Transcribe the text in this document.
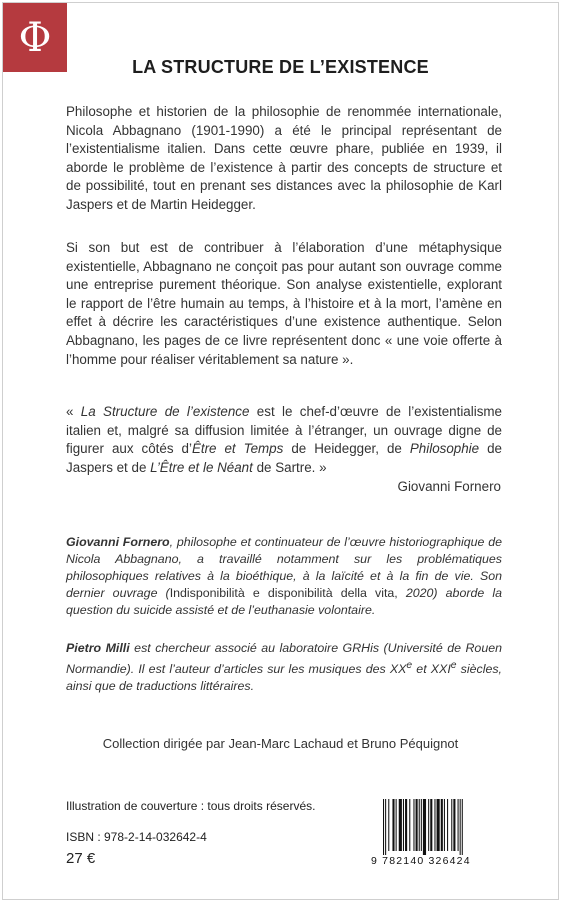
Φ
LA STRUCTURE DE L’EXISTENCE
Philosophe et historien de la philosophie de renommée internationale, Nicola Abbagnano (1901-1990) a été le principal représentant de l’existentialisme italien. Dans cette œuvre phare, publiée en 1939, il aborde le problème de l’existence à partir des concepts de structure et de possibilité, tout en prenant ses distances avec la philosophie de Karl Jaspers et de Martin Heidegger.
Si son but est de contribuer à l’élaboration d’une métaphysique existentielle, Abbagnano ne conçoit pas pour autant son ouvrage comme une entreprise purement théorique. Son analyse existentielle, explorant le rapport de l’être humain au temps, à l’histoire et à la mort, l’amène en effet à décrire les caractéristiques d’une existence authentique. Selon Abbagnano, les pages de ce livre représentent donc « une voie offerte à l’homme pour réaliser véritablement sa nature ».
« La Structure de l’existence est le chef-d’œuvre de l’existentialisme italien et, malgré sa diffusion limitée à l’étranger, un ouvrage digne de figurer aux côtés d’Être et Temps de Heidegger, de Philosophie de Jaspers et de L’Être et le Néant de Sartre. »
Giovanni Fornero
Giovanni Fornero, philosophe et continuateur de l’œuvre historiographique de Nicola Abbagnano, a travaillé notamment sur les problématiques philosophiques relatives à la bioéthique, à la laïcité et à la fin de vie. Son dernier ouvrage (Indisponibilità e disponibilità della vita, 2020) aborde la question du suicide assisté et de l’euthanasie volontaire.
Pietro Milli est chercheur associé au laboratoire GRHis (Université de Rouen Normandie). Il est l’auteur d’articles sur les musiques des XXe et XXIe siècles, ainsi que de traductions littéraires.
Collection dirigée par Jean-Marc Lachaud et Bruno Péquignot
Illustration de couverture : tous droits réservés.
ISBN : 978-2-14-032642-4
27 €	9 782140 326424
